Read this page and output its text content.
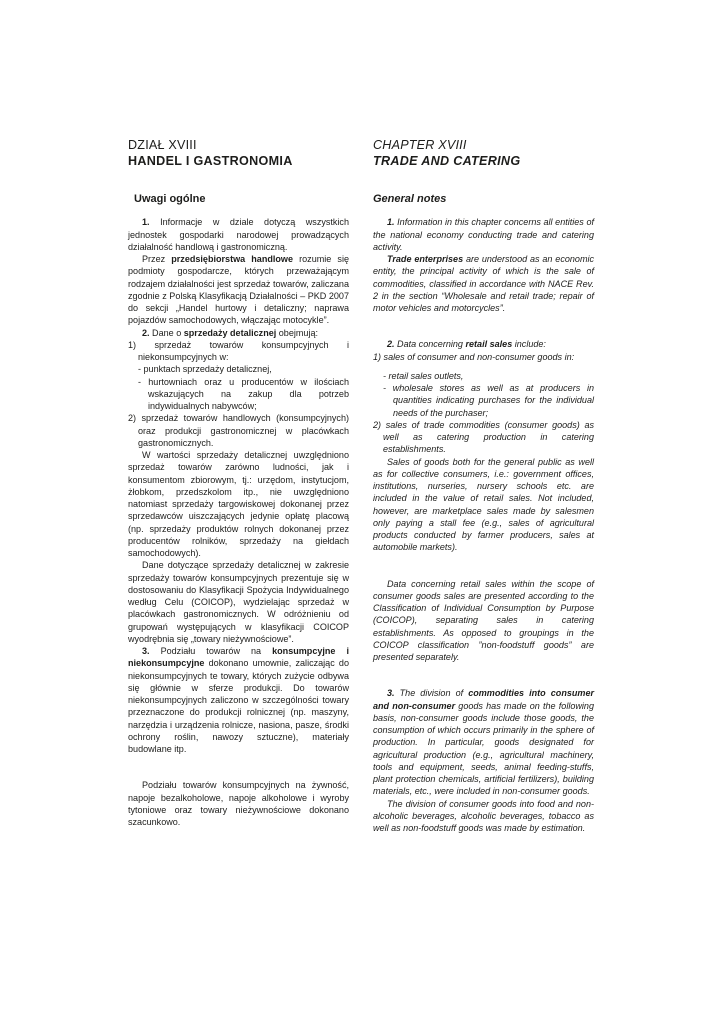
DZIAŁ XVIII
HANDEL I GASTRONOMIA
Uwagi ogólne

1. Informacje w dziale dotyczą wszystkich jednostek gospodarki narodowej prowadzących działalność handlową i gastronomiczną.

Przez przedsiębiorstwa handlowe rozumie się podmioty gospodarcze, których przeważającym rodzajem działalności jest sprzedaż towarów, zaliczana zgodnie z Polską Klasyfikacją Działalności – PKD 2007 do sekcji „Handel hurtowy i detaliczny; naprawa pojazdów samochodowych, włączając motocykle”.

2. Dane o sprzedaży detalicznej obejmują:

1) sprzedaż towarów konsumpcyjnych i niekonsumpcyjnych w:
- punktach sprzedaży detalicznej,
- hurtowniach oraz u producentów w ilościach wskazujących na zakup dla potrzeb indywidualnych nabywców;
2) sprzedaż towarów handlowych (konsumpcyjnych) oraz produkcji gastronomicznej w placówkach gastronomicznych.

W wartości sprzedaży detalicznej uwzględniono sprzedaż towarów zarówno ludności, jak i konsumentom zbiorowym, tj.: urzędom, instytucjom, żłobkom, przedszkolom itp., nie uwzględniono natomiast sprzedaży targowiskowej dokonanej przez sprzedawców uiszczających jedynie opłatę placową (np. sprzedaży produktów rolnych dokonanej przez producentów rolników, sprzedaży na giełdach samochodowych).

Dane dotyczące sprzedaży detalicznej w zakresie sprzedaży towarów konsumpcyjnych prezentuje się w dostosowaniu do Klasyfikacji Spożycia Indywidualnego według Celu (COICOP), wydzielając sprzedaż w placówkach gastronomicznych. W odróżnieniu od grupowań występujących w klasyfikacji COICOP wyodrębnia się „towary nieżywnościowe”.

3. Podziału towarów na konsumpcyjne i niekonsumpcyjne dokonano umownie, zaliczając do niekonsumpcyjnych te towary, których zużycie odbywa się głównie w sferze produkcji. Do towarów niekonsumpcyjnych zaliczono w szczególności towary przeznaczone do produkcji rolnicznej (np. maszyny, narzędzia i urządzenia rolnicze, nasiona, pasze, środki ochrony roślin, nawozy sztuczne), materiały budowlane itp.

Podziału towarów konsumpcyjnych na żywność, napoje bezalkoholowe, napoje alkoholowe i wyroby tytoniowe oraz towary nieżywnościowe dokonano szacunkowo.

CHAPTER XVIII
TRADE AND CATERING
General notes

1. Information in this chapter concerns all entities of the national economy conducting trade and catering activity.

Trade enterprises are understood as an economic entity, the principal activity of which is the sale of commodities, classified in accordance with NACE Rev. 2 in the section “Wholesale and retail trade; repair of motor vehicles and motorcycles”.

2. Data concerning retail sales include:

1) sales of consumer and non-consumer goods in:
- retail sales outlets,
- wholesale stores as well as at producers in quantities indicating purchases for the individual needs of the purchaser;
2) sales of trade commodities (consumer goods) as well as catering production in catering establishments.

Sales of goods both for the general public as well as for collective consumers, i.e.: government offices, institutions, nurseries, nursery schools etc. are included in the value of retail sales. Not included, however, are marketplace sales made by salesmen only paying a stall fee (e.g., sales of agricultural products conducted by farmer producers, sales at automobile markets).

Data concerning retail sales within the scope of consumer goods sales are presented according to the Classification of Individual Consumption by Purpose (COICOP), separating sales in catering establishments. As opposed to groupings in the COICOP classification ”non-foodstuff goods” are presented separately.

3. The division of commodities into consumer and non-consumer goods has made on the following basis, non-consumer goods include those goods, the consumption of which occurs primarily in the sphere of production. In particular, goods designated for agricultural production (e.g., agricultural machinery, tools and equipment, seeds, animal feeding-stuffs, plant protection chemicals, artificial fertilizers), building materials, etc., were included in non-consumer goods.

The division of consumer goods into food and non-alcoholic beverages, alcoholic beverages, tobacco as well as non-foodstuff goods was made by estimation.
